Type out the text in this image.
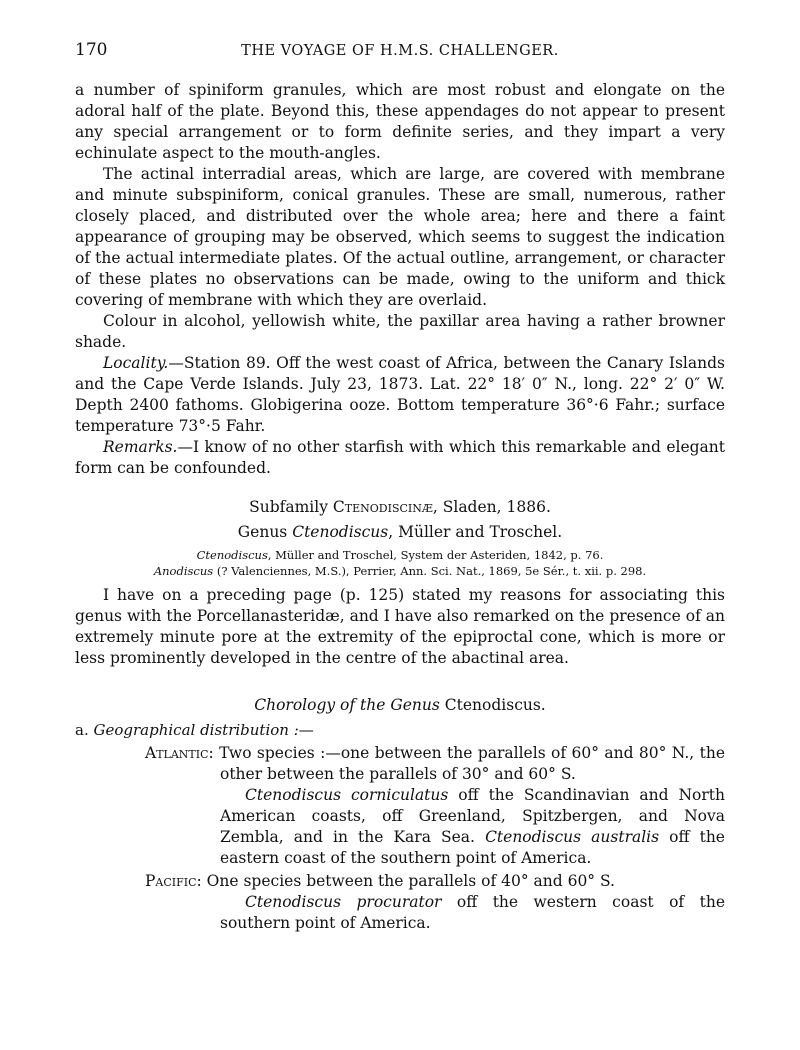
170	THE VOYAGE OF H.M.S. CHALLENGER.

a number of spiniform granules, which are most robust and elongate on the adoral half of the plate. Beyond this, these appendages do not appear to present any special arrangement or to form definite series, and they impart a very echinulate aspect to the mouth-angles.

The actinal interradial areas, which are large, are covered with membrane and minute subspiniform, conical granules. These are small, numerous, rather closely placed, and distributed over the whole area; here and there a faint appearance of grouping may be observed, which seems to suggest the indication of the actual intermediate plates. Of the actual outline, arrangement, or character of these plates no observations can be made, owing to the uniform and thick covering of membrane with which they are overlaid.

Colour in alcohol, yellowish white, the paxillar area having a rather browner shade.

Locality.—Station 89. Off the west coast of Africa, between the Canary Islands and the Cape Verde Islands. July 23, 1873. Lat. 22° 18′ 0″ N., long. 22° 2′ 0″ W. Depth 2400 fathoms. Globigerina ooze. Bottom temperature 36°·6 Fahr.; surface temperature 73°·5 Fahr.

Remarks.—I know of no other starfish with which this remarkable and elegant form can be confounded.

Subfamily Ctenodiscinæ, Sladen, 1886.

Genus Ctenodiscus, Müller and Troschel.

Ctenodiscus, Müller and Troschel, System der Asteriden, 1842, p. 76.
Anodiscus (? Valenciennes, M.S.), Perrier, Ann. Sci. Nat., 1869, 5e Sér., t. xii. p. 298.

I have on a preceding page (p. 125) stated my reasons for associating this genus with the Porcellanasteridæ, and I have also remarked on the presence of an extremely minute pore at the extremity of the epiproctal cone, which is more or less prominently developed in the centre of the abactinal area.

Chorology of the Genus Ctenodiscus.

a. Geographical distribution :—

Atlantic: Two species :—one between the parallels of 60° and 80° N., the other between the parallels of 30° and 60° S.

Ctenodiscus corniculatus off the Scandinavian and North American coasts, off Greenland, Spitzbergen, and Nova Zembla, and in the Kara Sea. Ctenodiscus australis off the eastern coast of the southern point of America.

Pacific: One species between the parallels of 40° and 60° S.

Ctenodiscus procurator off the western coast of the southern point of America.
